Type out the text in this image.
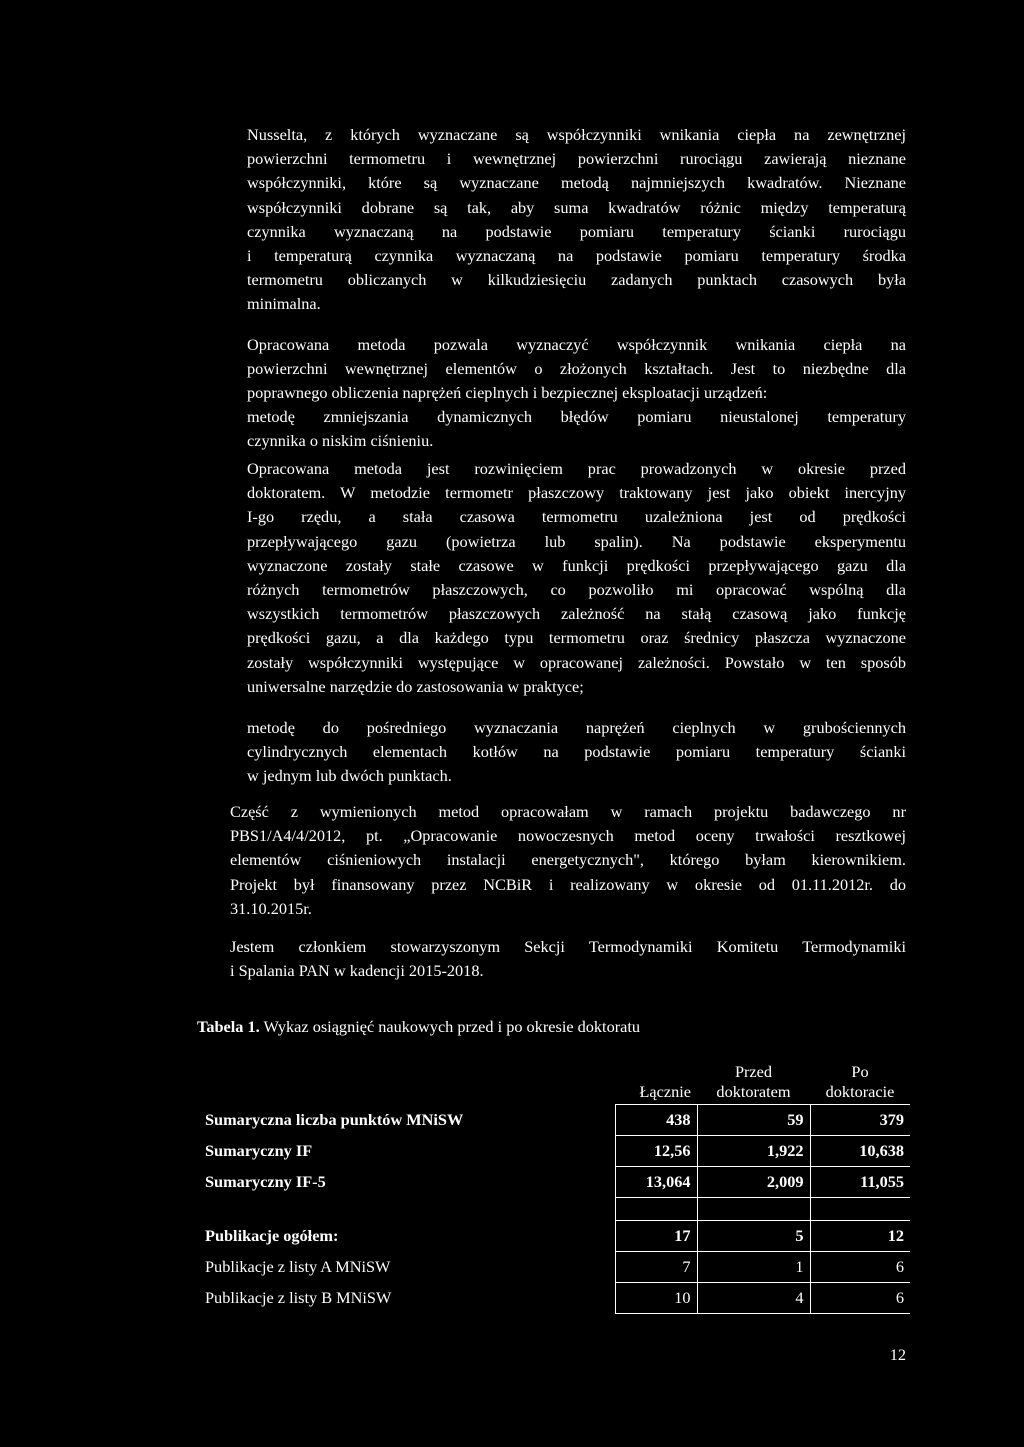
Nusselta, z których wyznaczane są współczynniki wnikania ciepła na zewnętrznej
powierzchni termometru i wewnętrznej powierzchni rurociągu zawierają nieznane
współczynniki, które są wyznaczane metodą najmniejszych kwadratów. Nieznane
współczynniki dobrane są tak, aby suma kwadratów różnic między temperaturą
czynnika wyznaczaną na podstawie pomiaru temperatury ścianki rurociągu
i temperaturą czynnika wyznaczaną na podstawie pomiaru temperatury środka
termometru obliczanych w kilkudziesięciu zadanych punktach czasowych była
minimalna.
Opracowana metoda pozwala wyznaczyć współczynnik wnikania ciepła na
powierzchni wewnętrznej elementów o złożonych kształtach. Jest to niezbędne dla
poprawnego obliczenia naprężeń cieplnych i bezpiecznej eksploatacji urządzeń:
metodę zmniejszania dynamicznych błędów pomiaru nieustalonej temperatury
czynnika o niskim ciśnieniu.
Opracowana metoda jest rozwinięciem prac prowadzonych w okresie przed
doktoratem. W metodzie termometr płaszczowy traktowany jest jako obiekt inercyjny
I-go rzędu, a stała czasowa termometru uzależniona jest od prędkości
przepływającego gazu (powietrza lub spalin). Na podstawie eksperymentu
wyznaczone zostały stałe czasowe w funkcji prędkości przepływającego gazu dla
różnych termometrów płaszczowych, co pozwoliło mi opracować wspólną dla
wszystkich termometrów płaszczowych zależność na stałą czasową jako funkcję
prędkości gazu, a dla każdego typu termometru oraz średnicy płaszcza wyznaczone
zostały współczynniki występujące w opracowanej zależności. Powstało w ten sposób
uniwersalne narzędzie do zastosowania w praktyce;
metodę do pośredniego wyznaczania naprężeń cieplnych w grubościennych
cylindrycznych elementach kotłów na podstawie pomiaru temperatury ścianki
w jednym lub dwóch punktach.
Część z wymienionych metod opracowałam w ramach projektu badawczego nr
PBS1/A4/4/2012, pt. „Opracowanie nowoczesnych metod oceny trwałości resztkowej
elementów ciśnieniowych instalacji energetycznych", którego byłam kierownikiem.
Projekt był finansowany przez NCBiR i realizowany w okresie od 01.11.2012r. do
31.10.2015r.
Jestem członkiem stowarzyszonym Sekcji Termodynamiki Komitetu Termodynamiki
i Spalania PAN w kadencji 2015-2018.
Tabela 1. Wykaz osiągnięć naukowych przed i po okresie doktoratu
	Łącznie	Przed doktoratem	Po doktoracie
Sumaryczna liczba punktów MNiSW	438	59	379
Sumaryczny IF	12,56	1,922	10,638
Sumaryczny IF-5	13,064	2,009	11,055

Publikacje ogółem:	17	5	12
Publikacje z listy A MNiSW	7	1	6
Publikacje z listy B MNiSW	10	4	6
12
